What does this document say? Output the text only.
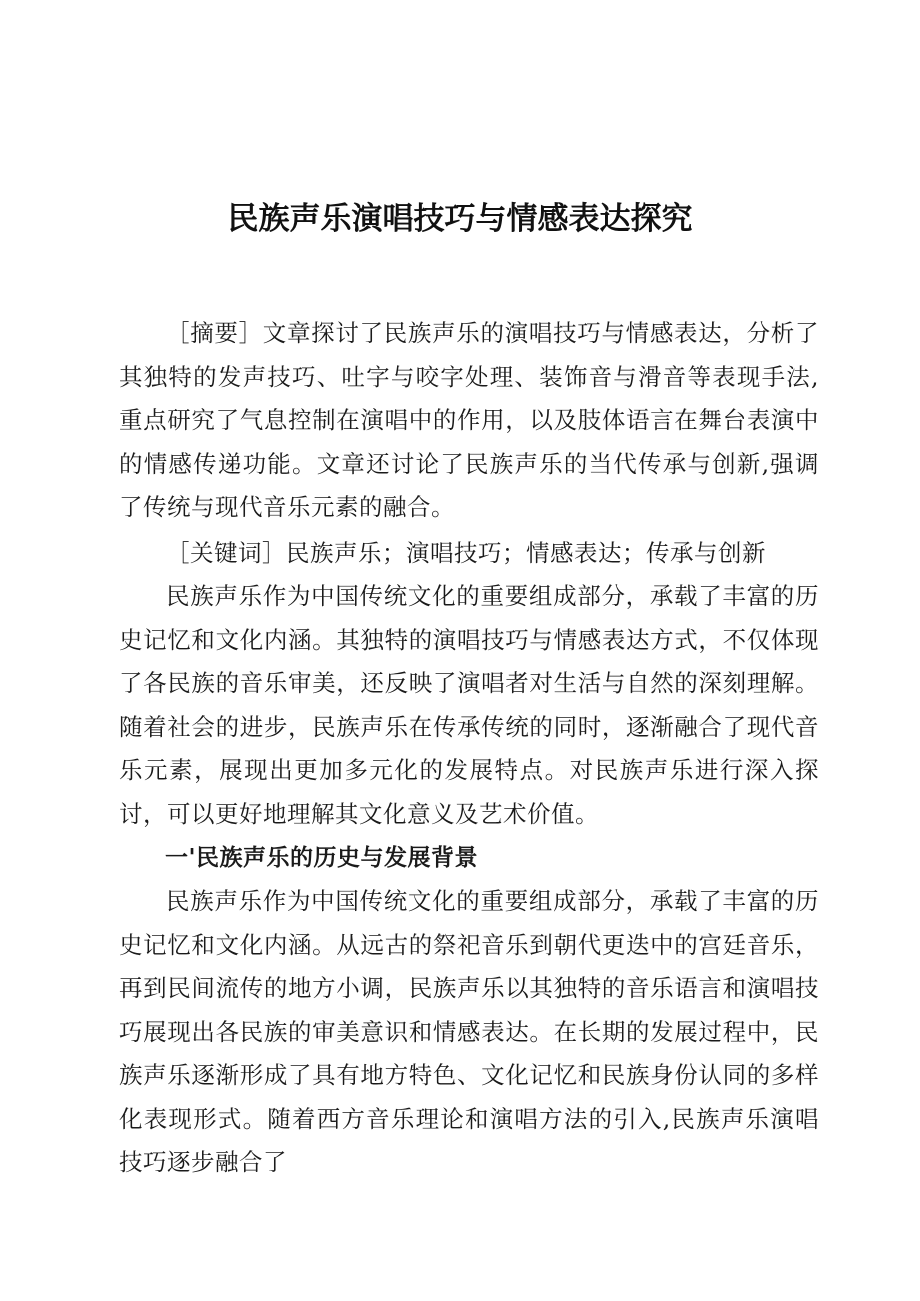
民族声乐演唱技巧与情感表达探究

［摘要］文章探讨了民族声乐的演唱技巧与情感表达，分析了其独特的发声技巧、吐字与咬字处理、装饰音与滑音等表现手法,重点研究了气息控制在演唱中的作用，以及肢体语言在舞台表演中的情感传递功能。文章还讨论了民族声乐的当代传承与创新,强调了传统与现代音乐元素的融合。

［关键词］民族声乐；演唱技巧；情感表达；传承与创新

民族声乐作为中国传统文化的重要组成部分，承载了丰富的历史记忆和文化内涵。其独特的演唱技巧与情感表达方式，不仅体现了各民族的音乐审美，还反映了演唱者对生活与自然的深刻理解。随着社会的进步，民族声乐在传承传统的同时，逐渐融合了现代音乐元素，展现出更加多元化的发展特点。对民族声乐进行深入探讨，可以更好地理解其文化意义及艺术价值。

一'民族声乐的历史与发展背景

民族声乐作为中国传统文化的重要组成部分，承载了丰富的历史记忆和文化内涵。从远古的祭祀音乐到朝代更迭中的宫廷音乐，再到民间流传的地方小调，民族声乐以其独特的音乐语言和演唱技巧展现出各民族的审美意识和情感表达。在长期的发展过程中，民族声乐逐渐形成了具有地方特色、文化记忆和民族身份认同的多样化表现形式。随着西方音乐理论和演唱方法的引入,民族声乐演唱技巧逐步融合了
